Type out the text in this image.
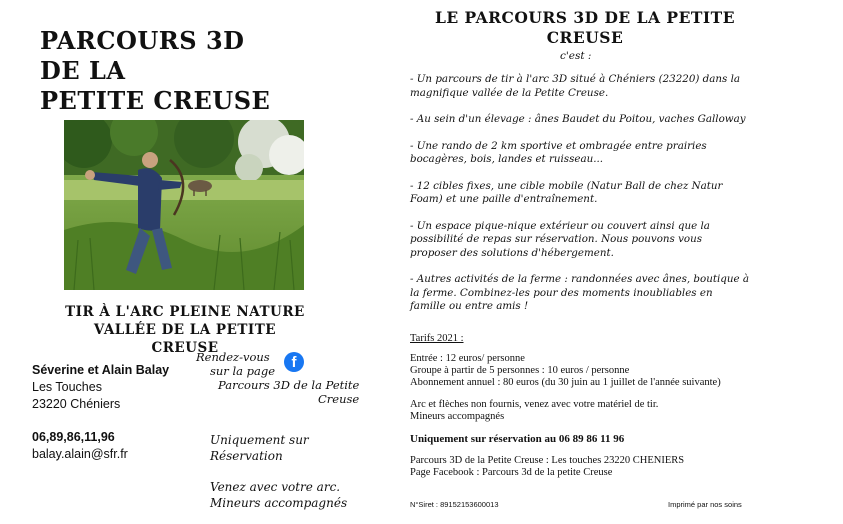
PARCOURS 3D
DE LA
PETITE CREUSE
TIR À L'ARC PLEINE NATURE
VALLÉE DE LA PETITE CREUSE
Séverine et Alain Balay
Les Touches
23220 Chéniers
06,89,86,11,96
balay.alain@sfr.fr
Rendez-vous
sur la page
Parcours 3D de la Petite
Creuse
f
Uniquement sur
Réservation
Venez avec votre arc.
Mineurs accompagnés
LE PARCOURS 3D DE LA PETITE
CREUSE
c'est :

- Un parcours de tir à l'arc 3D situé à Chéniers (23220) dans la magnifique vallée de la Petite Creuse.

- Au sein d'un élevage : ânes Baudet du Poitou, vaches Galloway

- Une rando de 2 km sportive et ombragée entre prairies bocagères, bois, landes et ruisseau...

- 12 cibles fixes, une cible mobile (Natur Ball de chez Natur Foam) et une paille d'entraînement.

- Un espace pique-nique extérieur ou couvert ainsi que la possibilité de repas sur réservation. Nous pouvons vous proposer des solutions d'hébergement.

- Autres activités de la ferme : randonnées avec ânes, boutique à la ferme. Combinez-les pour des moments inoubliables en famille ou entre amis !

Tarifs 2021 :
Entrée : 12 euros/ personne
Groupe à partir de 5 personnes : 10 euros / personne
Abonnement annuel : 80 euros (du 30 juin au 1 juillet de l'année suivante)
Arc et flèches non fournis, venez avec votre matériel de tir.
Mineurs accompagnés
Uniquement sur réservation au 06 89 86 11 96
Parcours 3D de la Petite Creuse : Les touches 23220 CHENIERS
Page Facebook : Parcours 3d de la petite Creuse
N°Siret : 89152153600013	Imprimé par nos soins
